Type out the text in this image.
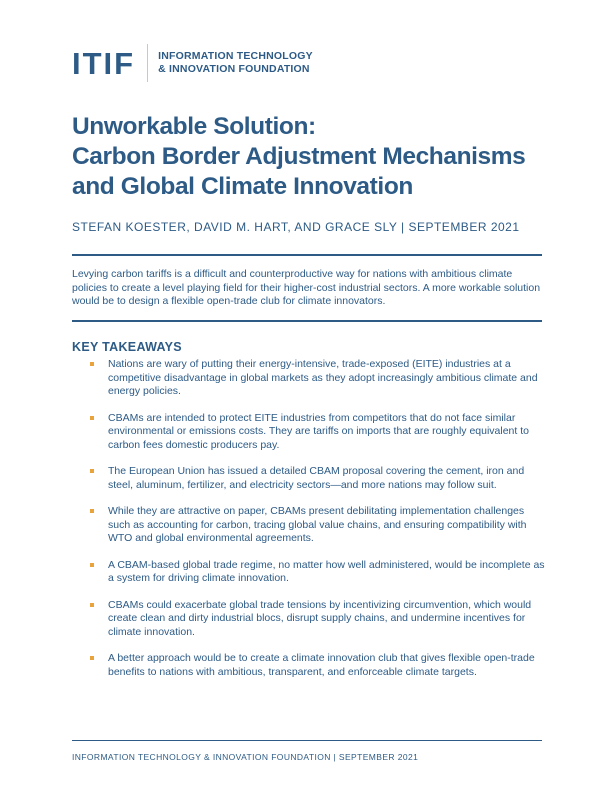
ITIF INFORMATION TECHNOLOGY
& INNOVATION FOUNDATION
Unworkable Solution:
Carbon Border Adjustment Mechanisms
and Global Climate Innovation
STEFAN KOESTER, DAVID M. HART, AND GRACE SLY | SEPTEMBER 2021

Levying carbon tariffs is a difficult and counterproductive way for nations with ambitious climate policies to create a level playing field for their higher-cost industrial sectors. A more workable solution would be to design a flexible open-trade club for climate innovators.

KEY TAKEAWAYS
Nations are wary of putting their energy-intensive, trade-exposed (EITE) industries at a competitive disadvantage in global markets as they adopt increasingly ambitious climate and energy policies.
CBAMs are intended to protect EITE industries from competitors that do not face similar environmental or emissions costs. They are tariffs on imports that are roughly equivalent to carbon fees domestic producers pay.
The European Union has issued a detailed CBAM proposal covering the cement, iron and steel, aluminum, fertilizer, and electricity sectors—and more nations may follow suit.
While they are attractive on paper, CBAMs present debilitating implementation challenges such as accounting for carbon, tracing global value chains, and ensuring compatibility with WTO and global environmental agreements.
A CBAM-based global trade regime, no matter how well administered, would be incomplete as a system for driving climate innovation.
CBAMs could exacerbate global trade tensions by incentivizing circumvention, which would create clean and dirty industrial blocs, disrupt supply chains, and undermine incentives for climate innovation.
A better approach would be to create a climate innovation club that gives flexible open-trade benefits to nations with ambitious, transparent, and enforceable climate targets.
INFORMATION TECHNOLOGY & INNOVATION FOUNDATION | SEPTEMBER 2021
